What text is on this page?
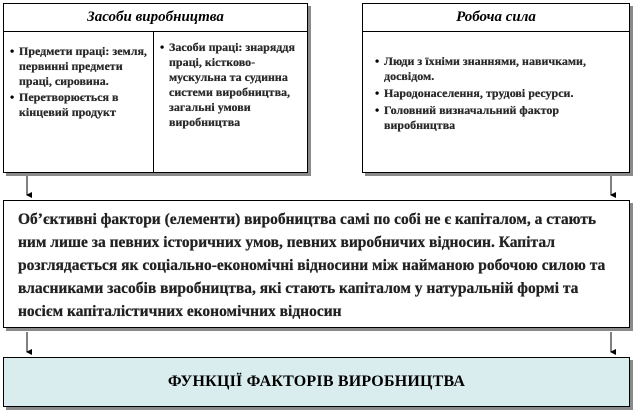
Засоби виробництва
• Предмети праці: земля, первинні предмети праці, сировина.
• Перетворюється в кінцевий продукт
• Засоби праці: знаряддя праці, кістково-мускульна та судинна системи виробництва, загальні умови виробництва
Робоча сила
• Люди з їхніми знаннями, навичками, досвідом.
• Народонаселення, трудові ресурси.
• Головний визначальний фактор виробництва
Об’єктивні фактори (елементи) виробництва самі по собі не є капіталом, а стають ним лише за певних історичних умов, певних виробничих відносин. Капітал розглядається як соціально-економічні відносини між найманою робочою силою та власниками засобів виробництва, які стають капіталом у натуральній формі та носієм капіталістичних економічних відносин
ФУНКЦІЇ ФАКТОРІВ ВИРОБНИЦТВА
